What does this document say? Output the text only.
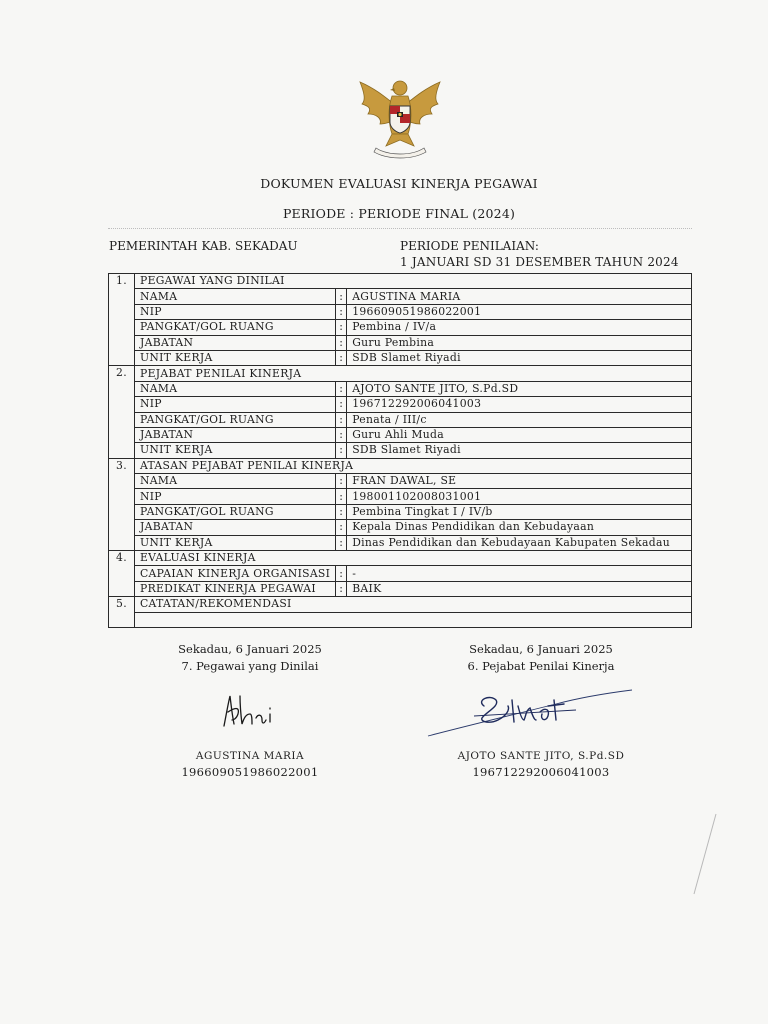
DOKUMEN EVALUASI KINERJA PEGAWAI
PERIODE : PERIODE FINAL (2024)
PEMERINTAH KAB. SEKADAU	PERIODE PENILAIAN:
1 JANUARI SD 31 DESEMBER TAHUN 2024
1.	PEGAWAI YANG DINILAI		
	NAMA	:	AGUSTINA MARIA
	NIP	:	196609051986022001
	PANGKAT/GOL RUANG	:	Pembina / IV/a
	JABATAN	:	Guru Pembina
	UNIT KERJA	:	SDB Slamet Riyadi
2.	PEJABAT PENILAI KINERJA		
	NAMA	:	AJOTO SANTE JITO, S.Pd.SD
	NIP	:	196712292006041003
	PANGKAT/GOL RUANG	:	Penata / III/c
	JABATAN	:	Guru Ahli Muda
	UNIT KERJA	:	SDB Slamet Riyadi
3.	ATASAN PEJABAT PENILAI KINERJA		
	NAMA	:	FRAN DAWAL, SE
	NIP	:	198001102008031001
	PANGKAT/GOL RUANG	:	Pembina Tingkat I / IV/b
	JABATAN	:	Kepala Dinas Pendidikan dan Kebudayaan
	UNIT KERJA	:	Dinas Pendidikan dan Kebudayaan Kabupaten Sekadau
4.	EVALUASI KINERJA		
	CAPAIAN KINERJA ORGANISASI	:	-
	PREDIKAT KINERJA PEGAWAI	:	BAIK
5.	CATATAN/REKOMENDASI		

Sekadau, 6 Januari 2025
7. Pegawai yang Dinilai
AGUSTINA MARIA
196609051986022001
Sekadau, 6 Januari 2025
6. Pejabat Penilai Kinerja
AJOTO SANTE JITO, S.Pd.SD
196712292006041003
